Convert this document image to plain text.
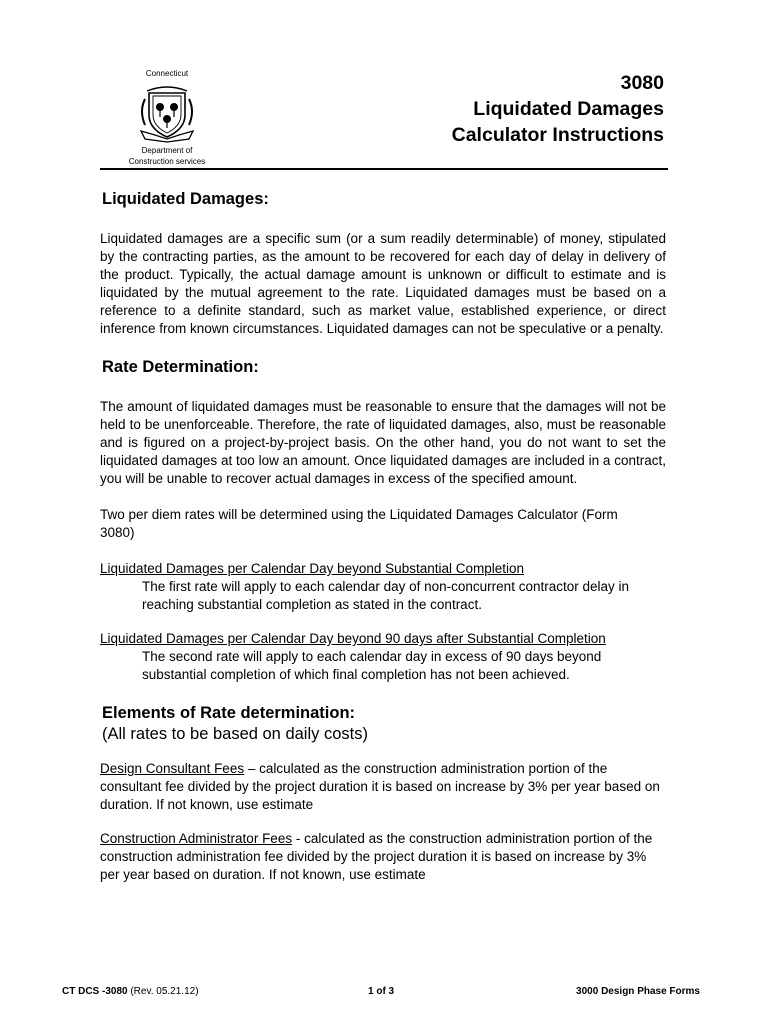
Connecticut
Department of
Construction services
3080
Liquidated Damages
Calculator Instructions
Liquidated Damages:

Liquidated damages are a specific sum (or a sum readily determinable) of money, stipulated by the contracting parties, as the amount to be recovered for each day of delay in delivery of the product. Typically, the actual damage amount is unknown or difficult to estimate and is liquidated by the mutual agreement to the rate. Liquidated damages must be based on a reference to a definite standard, such as market value, established experience, or direct inference from known circumstances. Liquidated damages can not be speculative or a penalty.

Rate Determination:

The amount of liquidated damages must be reasonable to ensure that the damages will not be held to be unenforceable. Therefore, the rate of liquidated damages, also, must be reasonable and is figured on a project-by-project basis. On the other hand, you do not want to set the liquidated damages at too low an amount. Once liquidated damages are included in a contract, you will be unable to recover actual damages in excess of the specified amount.

Two per diem rates will be determined using the Liquidated Damages Calculator (Form 3080)

Liquidated Damages per Calendar Day beyond Substantial Completion

The first rate will apply to each calendar day of non-concurrent contractor delay in reaching substantial completion as stated in the contract.

Liquidated Damages per Calendar Day beyond 90 days after Substantial Completion

The second rate will apply to each calendar day in excess of 90 days beyond substantial completion of which final completion has not been achieved.

Elements of Rate determination:
(All rates to be based on daily costs)

Design Consultant Fees – calculated as the construction administration portion of the consultant fee divided by the project duration it is based on increase by 3% per year based on duration. If not known, use estimate

Construction Administrator Fees - calculated as the construction administration portion of the construction administration fee divided by the project duration it is based on increase by 3% per year based on duration. If not known, use estimate

CT DCS -3080 (Rev. 05.21.12)	1 of 3	3000 Design Phase Forms
